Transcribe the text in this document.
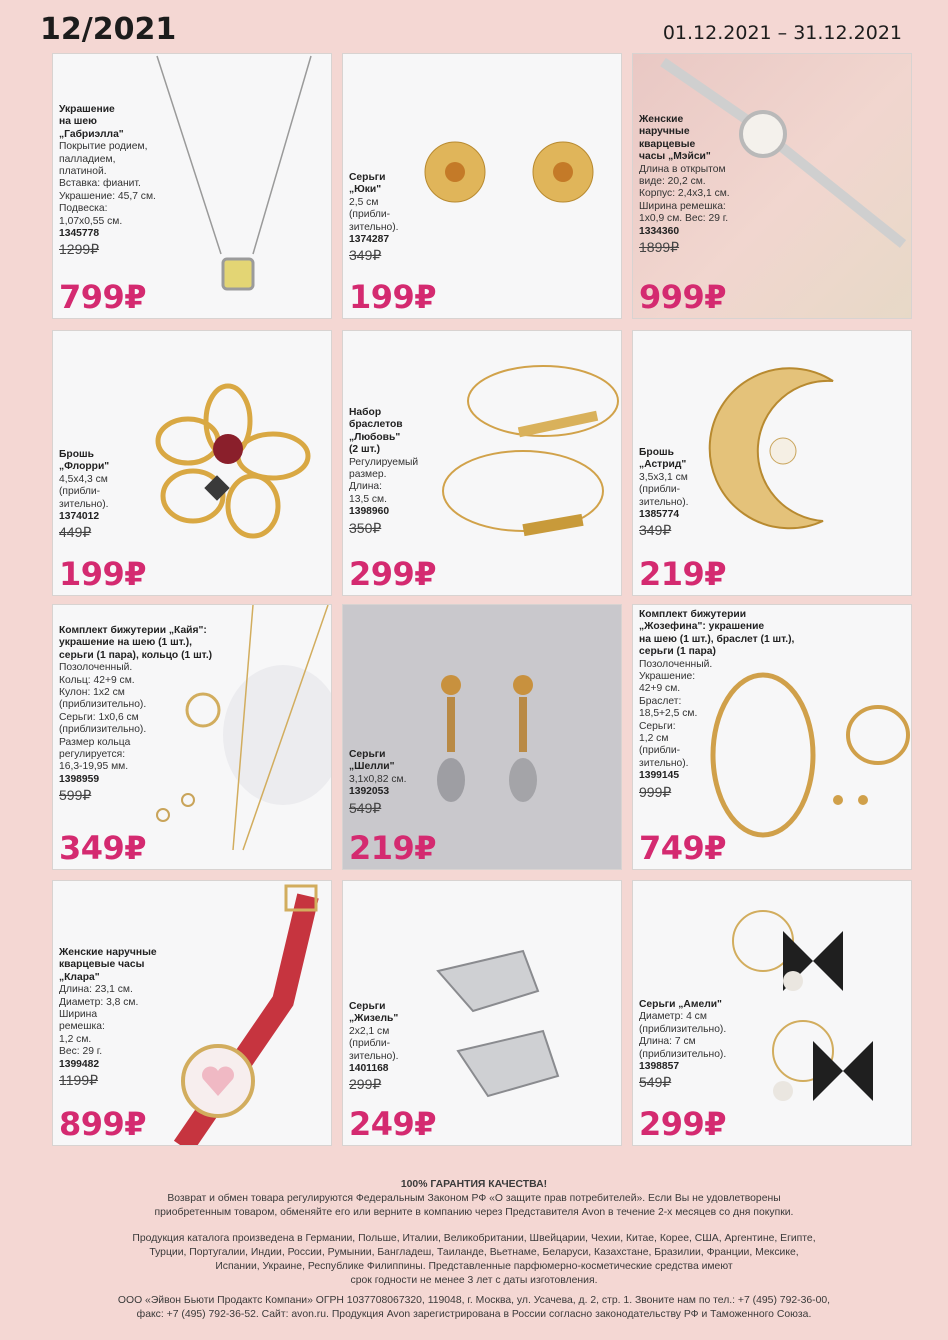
12/2021	01.12.2021 – 31.12.2021
Украшение
на шею
„Габриэлла"
Покрытие родием,
палладием,
платиной.
Вставка: фианит.
Украшение: 45,7 см.
Подвеска:
1,07х0,55 см.
1345778
1299₽
799₽
Серьги
„Юки"
2,5 см
(прибли-
зительно).
1374287
349₽
199₽
Женские
наручные
кварцевые
часы „Мэйси"
Длина в открытом
виде: 20,2 см.
Корпус: 2,4х3,1 см.
Ширина ремешка:
1х0,9 см. Вес: 29 г.
1334360
1899₽
999₽
Брошь
„Флорри"
4,5х4,3 см
(прибли-
зительно).
1374012
449₽
199₽
Набор
браслетов
„Любовь"
(2 шт.)
Регулируемый
размер.
Длина:
13,5 см.
1398960
350₽
299₽
Брошь
„Астрид"
3,5х3,1 см
(прибли-
зительно).
1385774
349₽
219₽
Комплект бижутерии „Кайя":
украшение на шею (1 шт.),
серьги (1 пара), кольцо (1 шт.)
Позолоченный.
Кольц: 42+9 см.
Кулон: 1х2 см
(приблизительно).
Серьги: 1х0,6 см
(приблизительно).
Размер кольца
регулируется:
16,3-19,95 мм.
1398959
599₽
349₽
Серьги
„Шелли"
3,1х0,82 см.
1392053
549₽
219₽
Комплект бижутерии
„Жозефина": украшение
на шею (1 шт.), браслет (1 шт.),
серьги (1 пара)
Позолоченный.
Украшение:
42+9 см.
Браслет:
18,5+2,5 см.
Серьги:
1,2 см
(прибли-
зительно).
1399145
999₽
749₽
Женские наручные
кварцевые часы
„Клара"
Длина: 23,1 см.
Диаметр: 3,8 см.
Ширина
ремешка:
1,2 см.
Вес: 29 г.
1399482
1199₽
899₽
Серьги
„Жизель"
2х2,1 см
(прибли-
зительно).
1401168
299₽
249₽
Серьги „Амели"
Диаметр: 4 см
(приблизительно).
Длина: 7 см
(приблизительно).
1398857
549₽
299₽

100% ГАРАНТИЯ КАЧЕСТВА!

Возврат и обмен товара регулируются Федеральным Законом РФ «О защите прав потребителей». Если Вы не удовлетворены
приобретенным товаром, обменяйте его или верните в компанию через Представителя Avon в течение 2-х месяцев со дня покупки.

Продукция каталога произведена в Германии, Польше, Италии, Великобритании, Швейцарии, Чехии, Китае, Корее, США, Аргентине, Египте,
Турции, Португалии, Индии, России, Румынии, Бангладеш, Таиланде, Вьетнаме, Беларуси, Казахстане, Бразилии, Франции, Мексике,
Испании, Украине, Республике Филиппины. Представленные парфюмерно-косметические средства имеют
срок годности не менее 3 лет с даты изготовления.

ООО «Эйвон Бьюти Продактс Компани» ОГРН 1037708067320, 119048, г. Москва, ул. Усачева, д. 2, стр. 1. Звоните нам по тел.: +7 (495) 792-36-00,
факс: +7 (495) 792-36-52. Сайт: avon.ru. Продукция Avon зарегистрирована в России согласно законодательству РФ и Таможенного Союза.
